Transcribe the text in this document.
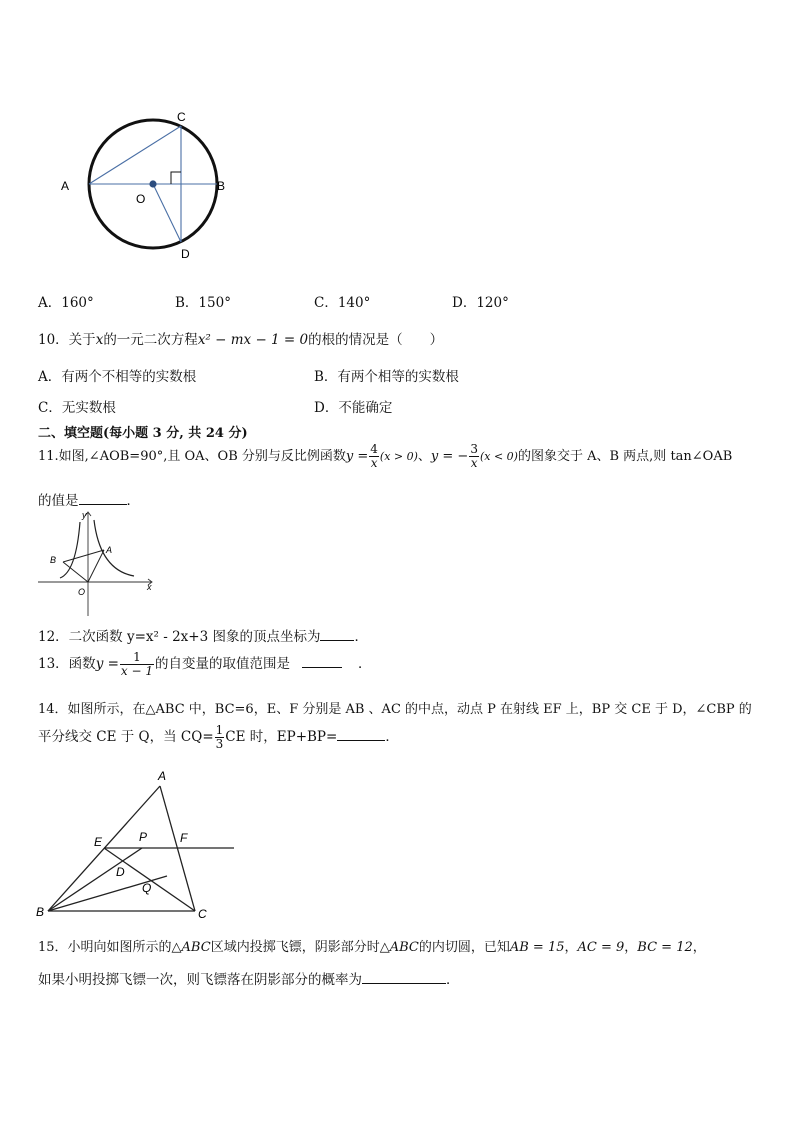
A	B
C
D
O
A．160°	B．150°	C．140°	D．120°
10．关于x的一元二次方程x² − mx − 1 = 0的根的情况是（　　）
A．有两个不相等的实数根	B．有两个相等的实数根
C．无实数根	D．不能确定
二、填空题(每小题 3 分, 共 24 分)
11.如图,∠AOB=90°,且 OA、OB 分别与反比例函数$y = \frac{4}{x} (x > 0)$、y = − $\frac{3}{x} (x < 0)$的图象交于 A、B 两点,则 tan∠OAB
的值是	．
y
x
A
B
O
12．二次函数 y=x² - 2x+3 图象的顶点坐标为	．
13．函数$y = \frac{1}{x - 1}$ 的自变量的取值范围是	．
14．如图所示，在△ABC 中，BC=6，E、F 分别是 AB 、AC 的中点，动点 P 在射线 EF 上，BP 交 CE 于 D，∠CBP 的
平分线交 CE 于 Q，当 $CQ= \frac{1}{3}$ CE 时，EP+BP=	．
A
B	C
D
E	F
P
Q
15．小明向如图所示的△ABC区域内投掷飞镖，阴影部分时△ABC的内切圆，已知AB = 15，AC = 9，BC = 12，
如果小明投掷飞镖一次，则飞镖落在阴影部分的概率为	．
